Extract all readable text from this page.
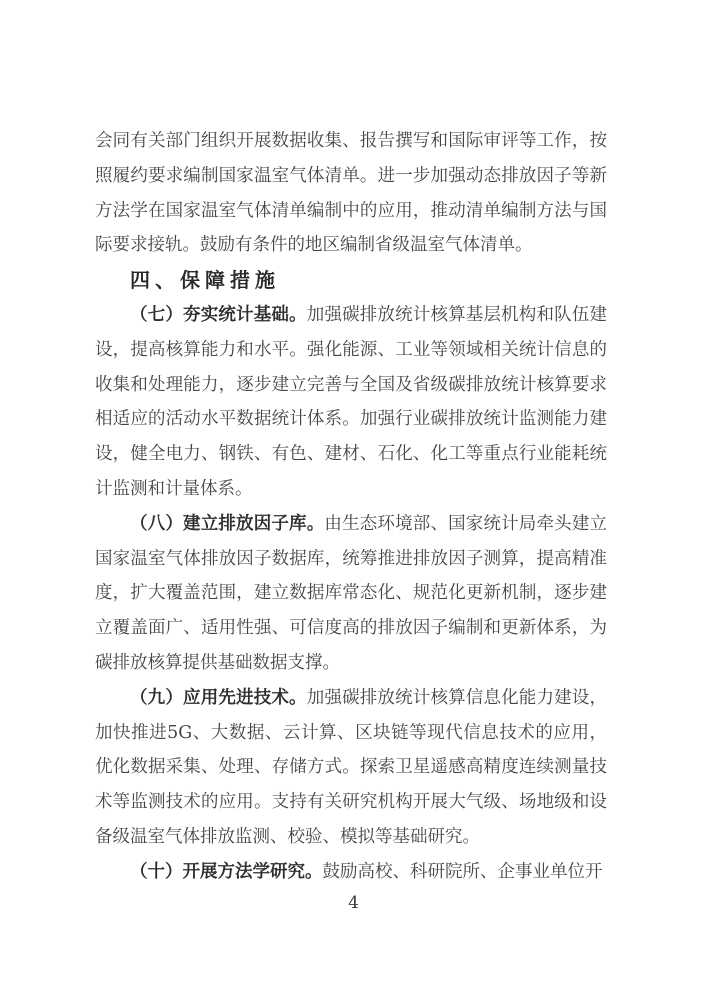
会同有关部门组织开展数据收集、报告撰写和国际审评等工作，按照履约要求编制国家温室气体清单。进一步加强动态排放因子等新方法学在国家温室气体清单编制中的应用，推动清单编制方法与国际要求接轨。鼓励有条件的地区编制省级温室气体清单。

四、保障措施

（七）夯实统计基础。加强碳排放统计核算基层机构和队伍建设，提高核算能力和水平。强化能源、工业等领域相关统计信息的收集和处理能力，逐步建立完善与全国及省级碳排放统计核算要求相适应的活动水平数据统计体系。加强行业碳排放统计监测能力建设，健全电力、钢铁、有色、建材、石化、化工等重点行业能耗统计监测和计量体系。

（八）建立排放因子库。由生态环境部、国家统计局牵头建立国家温室气体排放因子数据库，统筹推进排放因子测算，提高精准度，扩大覆盖范围，建立数据库常态化、规范化更新机制，逐步建立覆盖面广、适用性强、可信度高的排放因子编制和更新体系，为碳排放核算提供基础数据支撑。

（九）应用先进技术。加强碳排放统计核算信息化能力建设，加快推进5G、大数据、云计算、区块链等现代信息技术的应用，优化数据采集、处理、存储方式。探索卫星遥感高精度连续测量技术等监测技术的应用。支持有关研究机构开展大气级、场地级和设备级温室气体排放监测、校验、模拟等基础研究。

（十）开展方法学研究。鼓励高校、科研院所、企事业单位开

4
